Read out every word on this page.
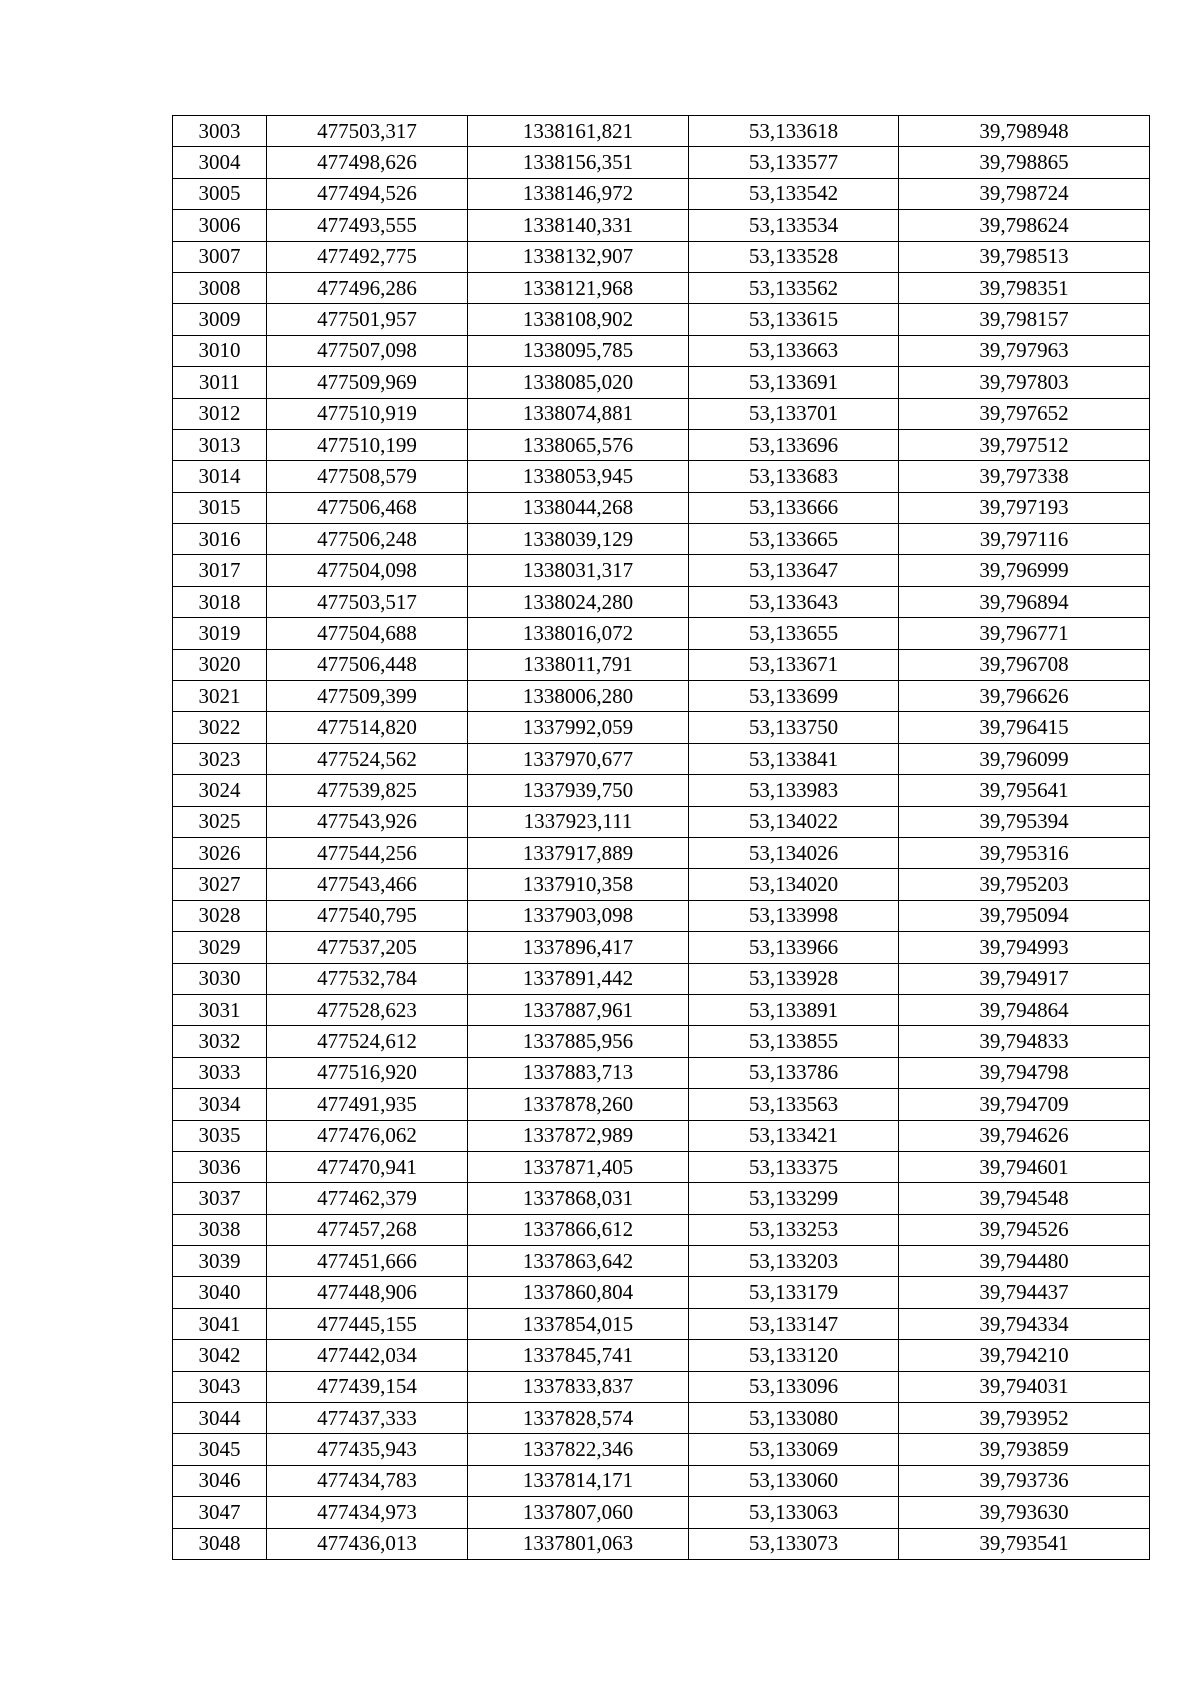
3003	477503,317	1338161,821	53,133618	39,798948
3004	477498,626	1338156,351	53,133577	39,798865
3005	477494,526	1338146,972	53,133542	39,798724
3006	477493,555	1338140,331	53,133534	39,798624
3007	477492,775	1338132,907	53,133528	39,798513
3008	477496,286	1338121,968	53,133562	39,798351
3009	477501,957	1338108,902	53,133615	39,798157
3010	477507,098	1338095,785	53,133663	39,797963
3011	477509,969	1338085,020	53,133691	39,797803
3012	477510,919	1338074,881	53,133701	39,797652
3013	477510,199	1338065,576	53,133696	39,797512
3014	477508,579	1338053,945	53,133683	39,797338
3015	477506,468	1338044,268	53,133666	39,797193
3016	477506,248	1338039,129	53,133665	39,797116
3017	477504,098	1338031,317	53,133647	39,796999
3018	477503,517	1338024,280	53,133643	39,796894
3019	477504,688	1338016,072	53,133655	39,796771
3020	477506,448	1338011,791	53,133671	39,796708
3021	477509,399	1338006,280	53,133699	39,796626
3022	477514,820	1337992,059	53,133750	39,796415
3023	477524,562	1337970,677	53,133841	39,796099
3024	477539,825	1337939,750	53,133983	39,795641
3025	477543,926	1337923,111	53,134022	39,795394
3026	477544,256	1337917,889	53,134026	39,795316
3027	477543,466	1337910,358	53,134020	39,795203
3028	477540,795	1337903,098	53,133998	39,795094
3029	477537,205	1337896,417	53,133966	39,794993
3030	477532,784	1337891,442	53,133928	39,794917
3031	477528,623	1337887,961	53,133891	39,794864
3032	477524,612	1337885,956	53,133855	39,794833
3033	477516,920	1337883,713	53,133786	39,794798
3034	477491,935	1337878,260	53,133563	39,794709
3035	477476,062	1337872,989	53,133421	39,794626
3036	477470,941	1337871,405	53,133375	39,794601
3037	477462,379	1337868,031	53,133299	39,794548
3038	477457,268	1337866,612	53,133253	39,794526
3039	477451,666	1337863,642	53,133203	39,794480
3040	477448,906	1337860,804	53,133179	39,794437
3041	477445,155	1337854,015	53,133147	39,794334
3042	477442,034	1337845,741	53,133120	39,794210
3043	477439,154	1337833,837	53,133096	39,794031
3044	477437,333	1337828,574	53,133080	39,793952
3045	477435,943	1337822,346	53,133069	39,793859
3046	477434,783	1337814,171	53,133060	39,793736
3047	477434,973	1337807,060	53,133063	39,793630
3048	477436,013	1337801,063	53,133073	39,793541
